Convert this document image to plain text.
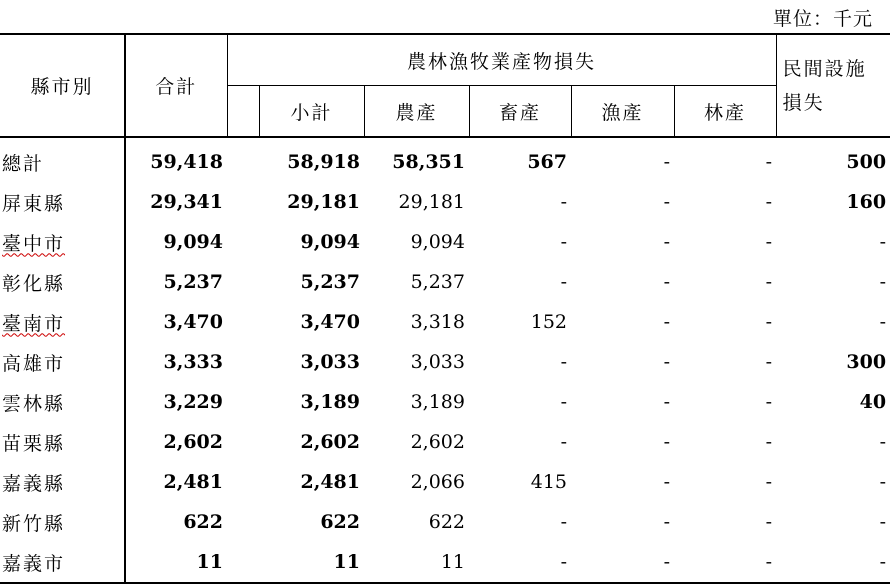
單位：千元
縣市別	合計	農林漁牧業產物損失						民間設施損失

			小計	農產	畜產	漁產	林產	
總計	59,418		58,918	58,351	567	-	-	500
屏東縣	29,341		29,181	29,181	-	-	-	160
臺中市	9,094		9,094	9,094	-	-	-	-
彰化縣	5,237		5,237	5,237	-	-	-	-
臺南市	3,470		3,470	3,318	152	-	-	-
高雄市	3,333		3,033	3,033	-	-	-	300
雲林縣	3,229		3,189	3,189	-	-	-	40
苗栗縣	2,602		2,602	2,602	-	-	-	-
嘉義縣	2,481		2,481	2,066	415	-	-	-
新竹縣	622		622	622	-	-	-	-
嘉義市	11		11	11	-	-	-	-
